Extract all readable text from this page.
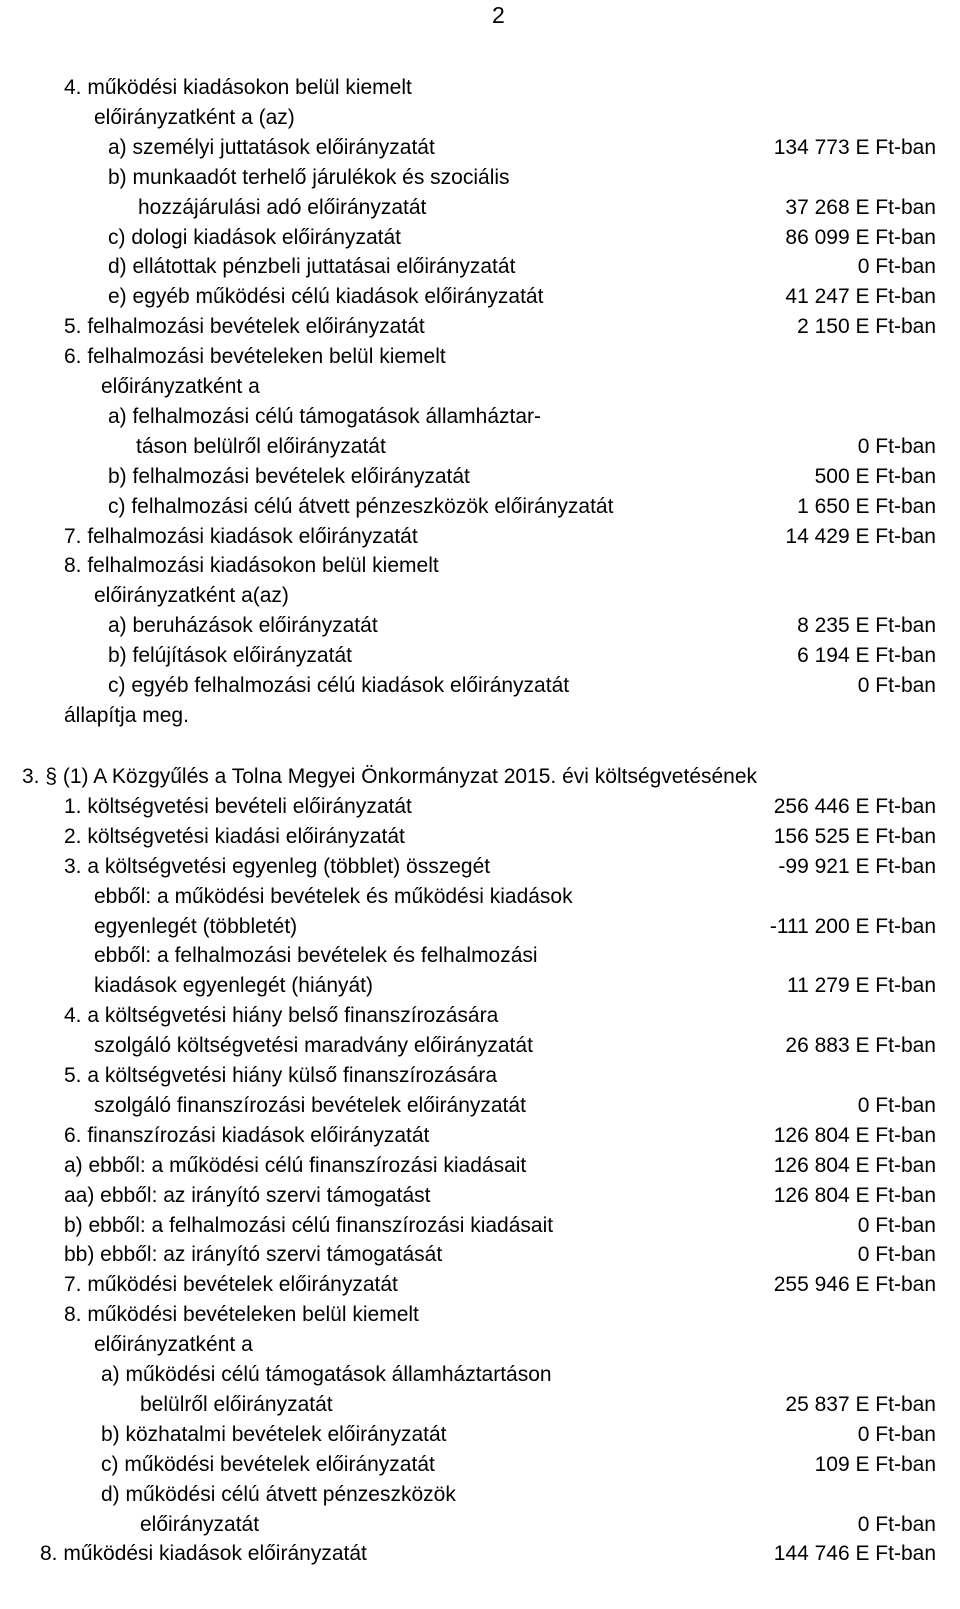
2
4. működési kiadásokon belül kiemelt
előirányzatként a (az)
a) személyi juttatások előirányzatát	134 773 E Ft-ban
b) munkaadót terhelő járulékok és szociális
hozzájárulási adó előirányzatát	37 268 E Ft-ban
c) dologi kiadások előirányzatát	86 099 E Ft-ban
d) ellátottak pénzbeli juttatásai előirányzatát	0 Ft-ban
e) egyéb működési célú kiadások előirányzatát	41 247 E Ft-ban
5. felhalmozási bevételek előirányzatát	2 150 E Ft-ban
6. felhalmozási bevételeken belül kiemelt
előirányzatként a
a) felhalmozási célú támogatások államháztar-
táson belülről előirányzatát	0 Ft-ban
b) felhalmozási bevételek előirányzatát	500 E Ft-ban
c) felhalmozási célú átvett pénzeszközök előirányzatát	1 650 E Ft-ban
7. felhalmozási kiadások előirányzatát	14 429 E Ft-ban
8. felhalmozási kiadásokon belül kiemelt
előirányzatként a(az)
a) beruházások előirányzatát	8 235 E Ft-ban
b) felújítások előirányzatát	6 194 E Ft-ban
c) egyéb felhalmozási célú kiadások előirányzatát	0 Ft-ban
állapítja meg.
3. § (1) A Közgyűlés a Tolna Megyei Önkormányzat 2015. évi költségvetésének
1. költségvetési bevételi előirányzatát	256 446 E Ft-ban
2. költségvetési kiadási előirányzatát	156 525 E Ft-ban
3. a költségvetési egyenleg (többlet) összegét	-99 921 E Ft-ban
ebből: a működési bevételek és működési kiadások
egyenlegét (többletét)	-111 200 E Ft-ban
ebből: a felhalmozási bevételek és felhalmozási
kiadások egyenlegét (hiányát)	11 279 E Ft-ban
4. a költségvetési hiány belső finanszírozására
szolgáló költségvetési maradvány előirányzatát	26 883 E Ft-ban
5. a költségvetési hiány külső finanszírozására
szolgáló finanszírozási bevételek előirányzatát	0 Ft-ban
6. finanszírozási kiadások előirányzatát	126 804 E Ft-ban
a) ebből: a működési célú finanszírozási kiadásait	126 804 E Ft-ban
aa) ebből: az irányító szervi támogatást	126 804 E Ft-ban
b) ebből: a felhalmozási célú finanszírozási kiadásait	0 Ft-ban
bb) ebből: az irányító szervi támogatását	0 Ft-ban
7. működési bevételek előirányzatát	255 946 E Ft-ban
8. működési bevételeken belül kiemelt
előirányzatként a
a) működési célú támogatások államháztartáson
belülről előirányzatát	25 837 E Ft-ban
b) közhatalmi bevételek előirányzatát	0 Ft-ban
c) működési bevételek előirányzatát	109 E Ft-ban
d) működési célú átvett pénzeszközök
előirányzatát	0 Ft-ban
8. működési kiadások előirányzatát	144 746 E Ft-ban
